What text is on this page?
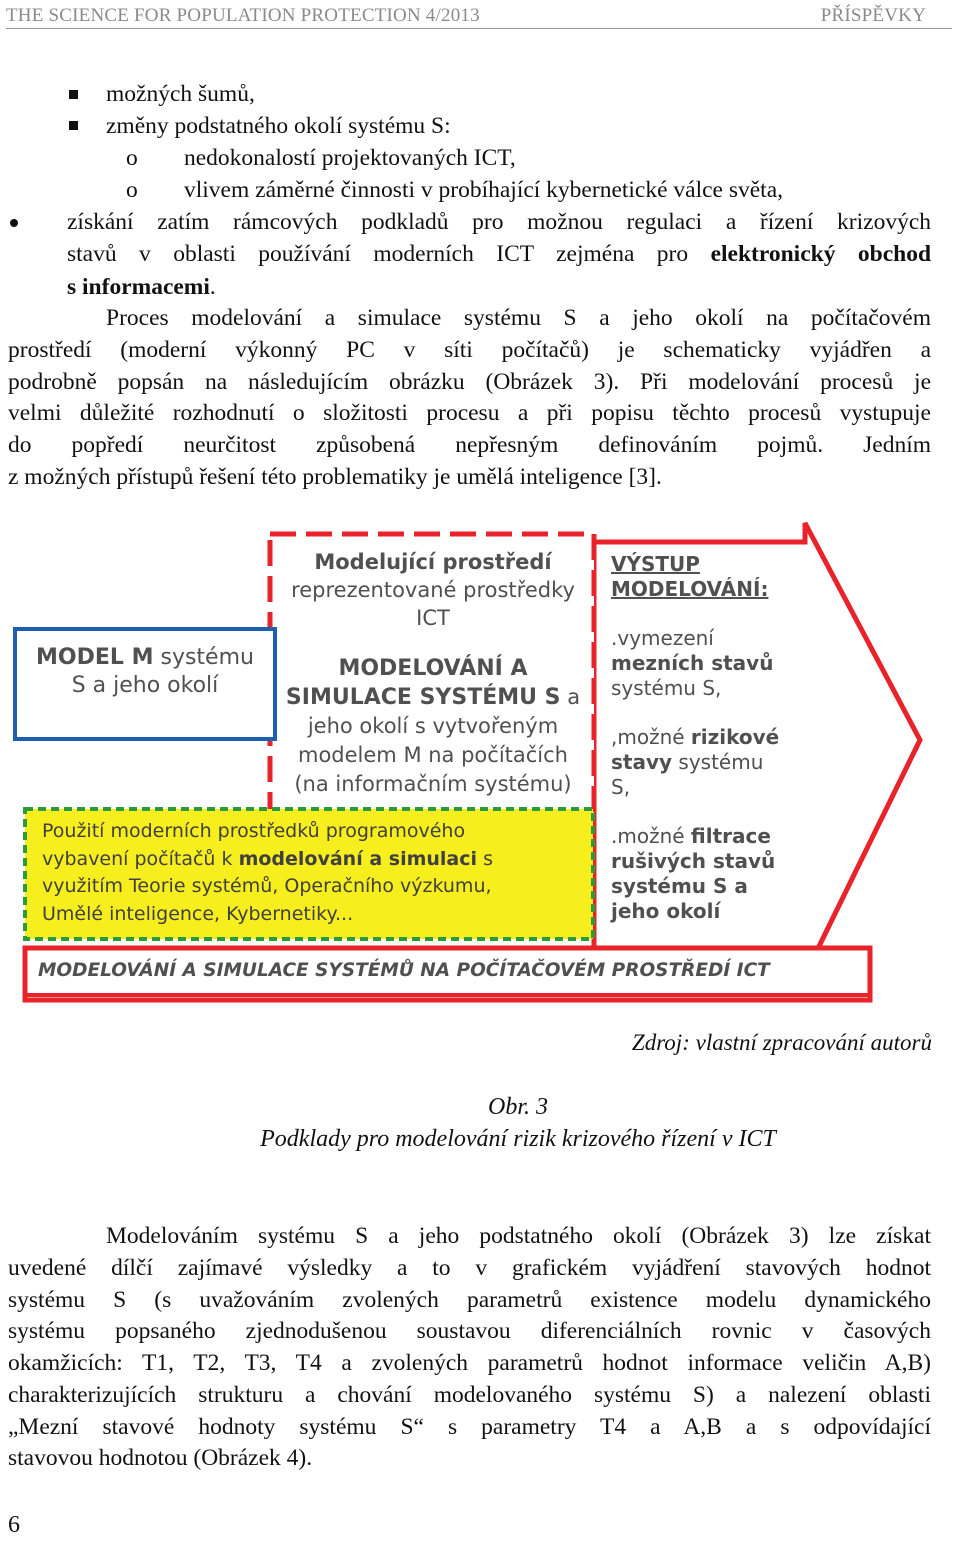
THE SCIENCE FOR POPULATION PROTECTION 4/2013	PŘÍSPĚVKY
možných šumů,
změny podstatného okolí systému S:
o nedokonalostí projektovaných ICT,
o vlivem záměrné činnosti v probíhající kybernetické válce světa,
získání zatím rámcových podkladů pro možnou regulaci a řízení krizových
stavů v oblasti používání moderních ICT zejména pro elektronický obchod
s informacemi.
Proces modelování a simulace systému S a jeho okolí na počítačovém
prostředí (moderní výkonný PC v síti počítačů) je schematicky vyjádřen a
podrobně popsán na následujícím obrázku (Obrázek 3). Při modelování procesů je
velmi důležité rozhodnutí o složitosti procesu a při popisu těchto procesů vystupuje
do popředí neurčitost způsobená nepřesným definováním pojmů. Jedním
z možných přístupů řešení této problematiky je umělá inteligence [3].
MODEL M systému
S a jeho okolí
Modelující prostředí
reprezentované prostředky
ICT
MODELOVÁNÍ A
SIMULACE SYSTÉMU S a
jeho okolí s vytvořeným
modelem M na počítačích
(na informačním systému)
VÝSTUP
MODELOVÁNÍ:
.vymezení
mezních stavů
systému S,
,možné rizikové
stavy systému
S,
.možné filtrace
rušivých stavů
systému S a
jeho okolí
Použití moderních prostředků programového
vybavení počítačů k modelování a simulaci s
využitím Teorie systémů, Operačního výzkumu,
Umělé inteligence, Kybernetiky...
MODELOVÁNÍ A SIMULACE SYSTÉMŮ NA POČÍTAČOVÉM PROSTŘEDÍ ICT
Zdroj: vlastní zpracování autorů
Obr. 3
Podklady pro modelování rizik krizového řízení v ICT
Modelováním systému S a jeho podstatného okolí (Obrázek 3) lze získat
uvedené dílčí zajímavé výsledky a to v grafickém vyjádření stavových hodnot
systému S (s uvažováním zvolených parametrů existence modelu dynamického
systému popsaného zjednodušenou soustavou diferenciálních rovnic v časových
okamžicích: T1, T2, T3, T4 a zvolených parametrů hodnot informace veličin A,B)
charakterizujících strukturu a chování modelovaného systému S) a nalezení oblasti
„Mezní stavové hodnoty systému S“ s parametry T4 a A,B a s odpovídající
stavovou hodnotou (Obrázek 4).
6
